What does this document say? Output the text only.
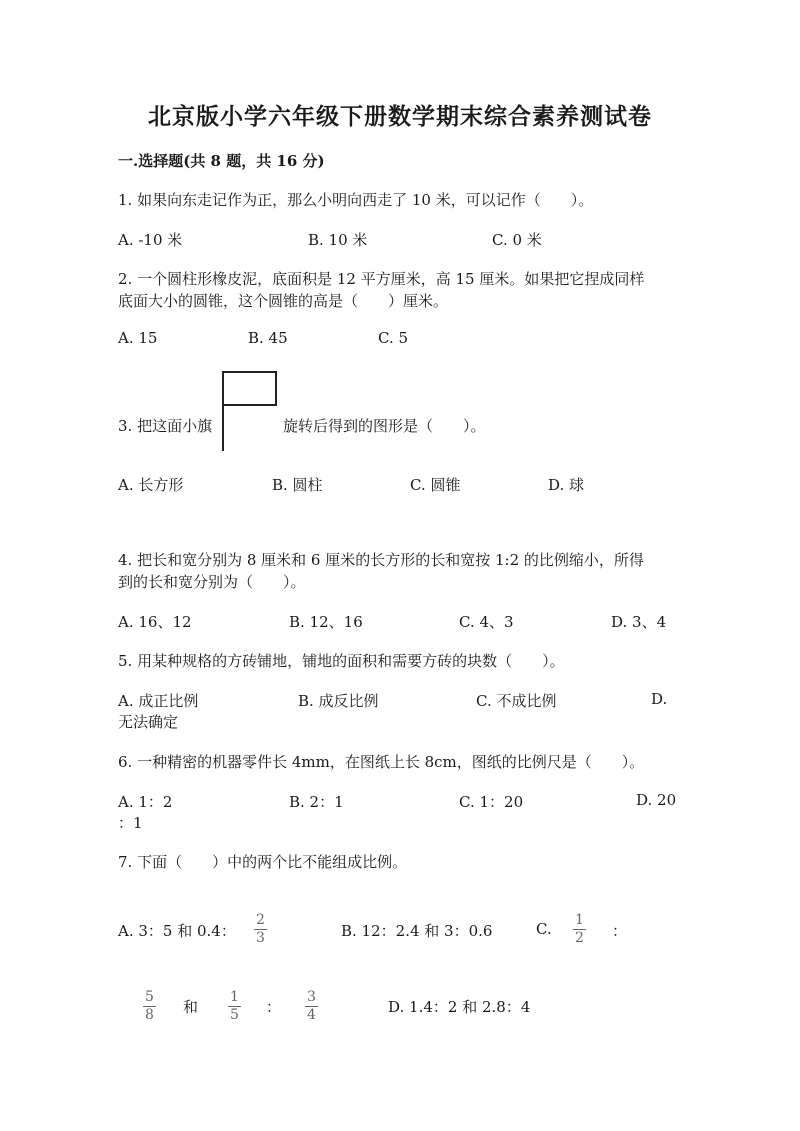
北京版小学六年级下册数学期末综合素养测试卷
一.选择题(共 8 题，共 16 分)
1. 如果向东走记作为正，那么小明向西走了 10 米，可以记作（　　）。
A. -10 米	B. 10 米	C. 0 米
2. 一个圆柱形橡皮泥，底面积是 12 平方厘米，高 15 厘米。如果把它捏成同样
底面大小的圆锥，这个圆锥的高是（　　）厘米。
A. 15	B. 45	C. 5
3. 把这面小旗	旋转后得到的图形是（　　）。
A. 长方形	B. 圆柱	C. 圆锥	D. 球
4. 把长和宽分别为 8 厘米和 6 厘米的长方形的长和宽按 1:2 的比例缩小，所得
到的长和宽分别为（　　）。
A. 16、12	B. 12、16	C. 4、3	D. 3、4
5. 用某种规格的方砖铺地，铺地的面积和需要方砖的块数（　　）。
A. 成正比例	B. 成反比例	C. 不成比例	D.
无法确定
6. 一种精密的机器零件长 4mm，在图纸上长 8cm，图纸的比例尺是（　　）。
A. 1：2	B. 2：1	C. 1：20	D. 20
：1
7. 下面（　　）中的两个比不能组成比例。
A. 3：5 和 0.4： $\frac{2}{3}$	B. 12：2.4 和 3：0.6	C. $\frac{1}{2}$ ：
$\frac{5}{8}$ 和 $\frac{1}{5}$ ： $\frac{3}{4}$	D. 1.4：2 和 2.8：4
